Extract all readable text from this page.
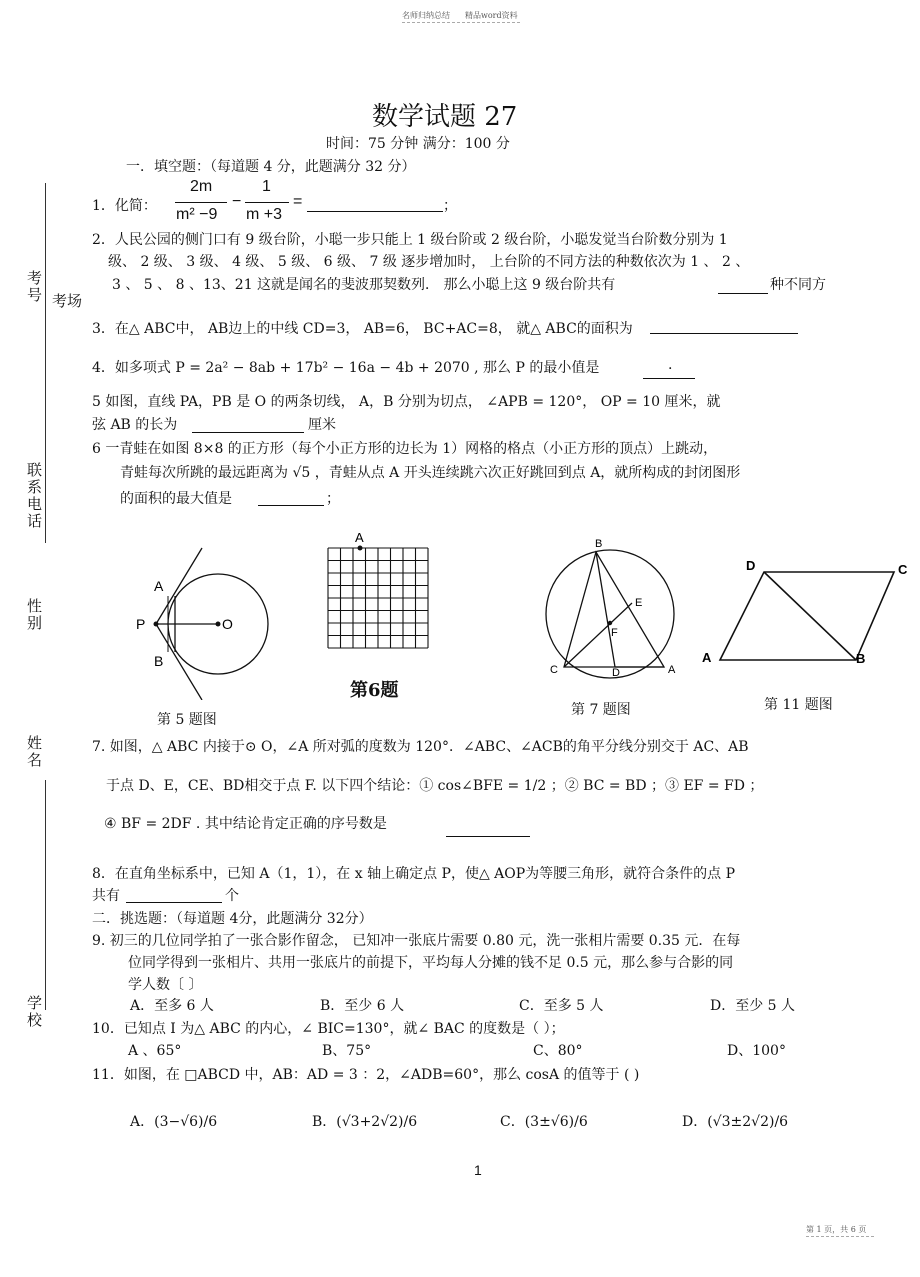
名师归纳总结 精品word资料
数学试题 27
时间：75 分钟 满分：100 分
考号 考场
联系电话
性别
姓名
学校
一．填空题：（每道题 4 分，此题满分 32 分）
1．化简：
2m
m² −9
−
1
m +3
=	；
2．人民公园的侧门口有 9 级台阶，小聪一步只能上 1 级台阶或 2 级台阶，小聪发觉当台阶数分别为 1
级、 2 级、 3 级、 4 级、 5 级、 6 级、 7 级 逐步增加时， 上台阶的不同方法的种数依次为 1 、 2 、
3 、 5 、 8 、13、21 这就是闻名的斐波那契数列． 那么小聪上这 9 级台阶共有	种不同方
3．在△ ABC中， AB边上的中线 CD=3， AB=6， BC+AC=8， 就△ ABC的面积为
4．如多项式 P = 2a² − 8ab + 17b² − 16a − 4b + 2070 , 那么 P 的最小值是	.
5 如图，直线 PA，PB 是 O 的两条切线， A，B 分别为切点， ∠APB = 120°， OP = 10 厘米，就
弦 AB 的长为	厘米
6 一青蛙在如图 8×8 的正方形（每个小正方形的边长为 1）网格的格点（小正方形的顶点）上跳动，
青蛙每次所跳的最远距离为 √5 ，青蛙从点 A 开头连续跳六次正好跳回到点 A，就所构成的封闭图形
的面积的最大值是	；
A
P
B
O
第 5 题图
A
第6题
B
E
F
C	D	A
第 7 题图
D	C
A	B
第 11 题图
7. 如图，△ ABC 内接于⊙ O，∠A 所对弧的度数为 120°．∠ABC、∠ACB的角平分线分别交于 AC、AB
于点 D、E，CE、BD相交于点 F. 以下四个结论：① cos∠BFE = 1/2 ；② BC = BD ；③ EF = FD ；
④ BF = 2DF . 其中结论肯定正确的序号数是
8．在直角坐标系中，已知 A（1，1），在 x 轴上确定点 P，使△ AOP为等腰三角形，就符合条件的点 P
共有	个
二．挑选题：（每道题 4分，此题满分 32分）
9. 初三的几位同学拍了一张合影作留念， 已知冲一张底片需要 0.80 元，洗一张相片需要 0.35 元．在每
位同学得到一张相片、共用一张底片的前提下，平均每人分摊的钱不足 0.5 元，那么参与合影的同
学人数〔 〕
A．至多 6 人	B．至少 6 人	C．至多 5 人	D．至少 5 人
10．已知点 I 为△ ABC 的内心，∠ BIC=130°，就∠ BAC 的度数是（ ）；
A 、65°	B、75°	C、80°	D、100°
11．如图，在 □ABCD 中，AB：AD = 3 ：2，∠ADB=60°，那么 cosA 的值等于 ( )
A．(3−√6)/6	B．(√3+2√2)/6	C．(3±√6)/6	D．(√3±2√2)/6
1
第 1 页，共 6 页
